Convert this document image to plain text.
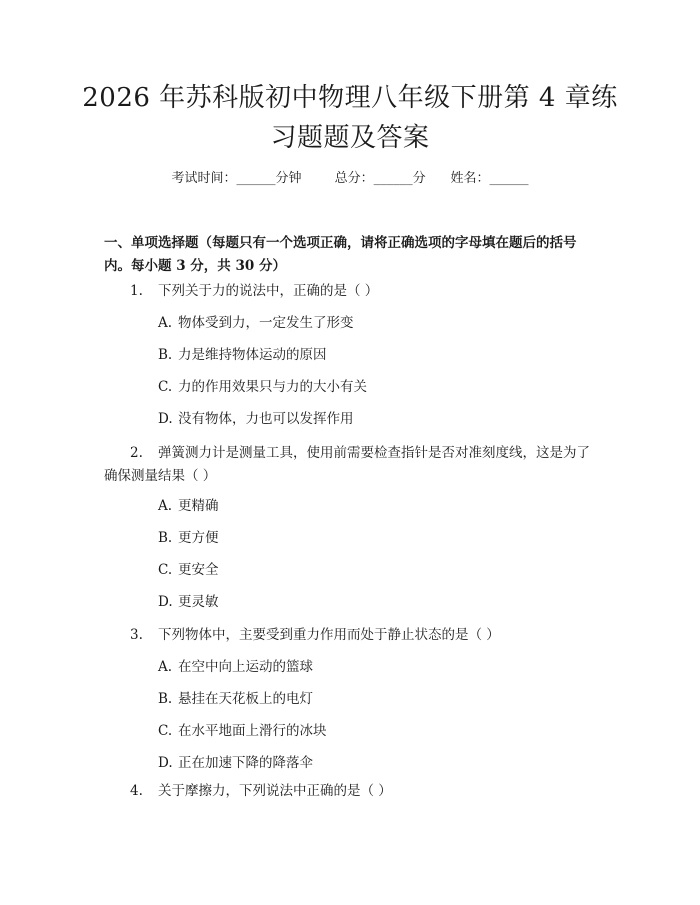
2026 年苏科版初中物理八年级下册第 4 章练
习题题及答案
考试时间：______分钟	总分：______分 姓名：______
一、单项选择题（每题只有一个选项正确，请将正确选项的字母填在题后的括号
内。每小题 3 分，共 30 分）
1. 下列关于力的说法中，正确的是（ ）
A. 物体受到力，一定发生了形变
B. 力是维持物体运动的原因
C. 力的作用效果只与力的大小有关
D. 没有物体，力也可以发挥作用
2. 弹簧测力计是测量工具，使用前需要检查指针是否对准刻度线，这是为了
确保测量结果（ ）
A. 更精确
B. 更方便
C. 更安全
D. 更灵敏
3. 下列物体中，主要受到重力作用而处于静止状态的是（ ）
A. 在空中向上运动的篮球
B. 悬挂在天花板上的电灯
C. 在水平地面上滑行的冰块
D. 正在加速下降的降落伞
4. 关于摩擦力，下列说法中正确的是（ ）
